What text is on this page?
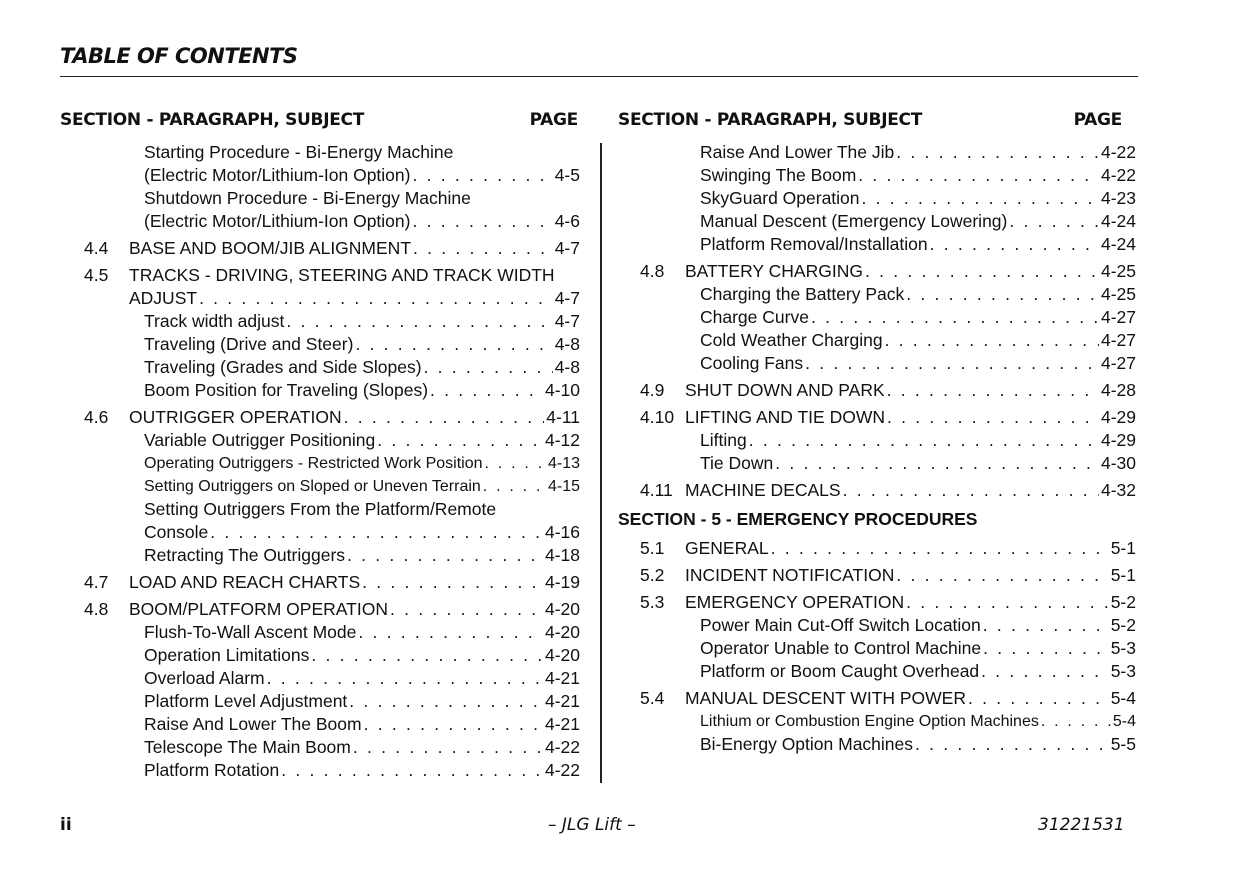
TABLE OF CONTENTS
SECTION - PARAGRAPH, SUBJECT	PAGE
Starting Procedure - Bi-Energy Machine
(Electric Motor/Lithium-Ion Option) . . .	4-5
Shutdown Procedure - Bi-Energy Machine
(Electric Motor/Lithium-Ion Option) . . .	4-6
4.4	BASE AND BOOM/JIB ALIGNMENT . . .	4-7
4.5	TRACKS - DRIVING, STEERING AND TRACK WIDTH
ADJUST . . .	4-7
Track width adjust . . .	4-7
Traveling (Drive and Steer) . . .	4-8
Traveling (Grades and Side Slopes) . . .	4-8
Boom Position for Traveling (Slopes) . . .	4-10
4.6	OUTRIGGER OPERATION . . .	4-11
Variable Outrigger Positioning . . .	4-12
Operating Outriggers - Restricted Work Position . . .	4-13
Setting Outriggers on Sloped or Uneven Terrain . . .	4-15
Setting Outriggers From the Platform/Remote
Console . . .	4-16
Retracting The Outriggers . . .	4-18
4.7	LOAD AND REACH CHARTS . . .	4-19
4.8	BOOM/PLATFORM OPERATION . . .	4-20
Flush-To-Wall Ascent Mode . . .	4-20
Operation Limitations . . .	4-20
Overload Alarm . . .	4-21
Platform Level Adjustment . . .	4-21
Raise And Lower The Boom . . .	4-21
Telescope The Main Boom . . .	4-22
Platform Rotation . . .	4-22
SECTION - PARAGRAPH, SUBJECT	PAGE
Raise And Lower The Jib . . .	4-22
Swinging The Boom . . .	4-22
SkyGuard Operation . . .	4-23
Manual Descent (Emergency Lowering) . . .	4-24
Platform Removal/Installation . . .	4-24
4.8	BATTERY CHARGING . . .	4-25
Charging the Battery Pack . . .	4-25
Charge Curve . . .	4-27
Cold Weather Charging . . .	4-27
Cooling Fans . . .	4-27
4.9	SHUT DOWN AND PARK . . .	4-28
4.10 LIFTING AND TIE DOWN . . .	4-29
Lifting . . .	4-29
Tie Down . . .	4-30
4.11 MACHINE DECALS . . .	4-32
SECTION - 5 - EMERGENCY PROCEDURES
5.1	GENERAL . . .	5-1
5.2	INCIDENT NOTIFICATION . . .	5-1
5.3	EMERGENCY OPERATION . . .	5-2
Power Main Cut-Off Switch Location . . .	5-2
Operator Unable to Control Machine . . .	5-3
Platform or Boom Caught Overhead . . .	5-3
5.4	MANUAL DESCENT WITH POWER . . .	5-4
Lithium or Combustion Engine Option Machines . . .	5-4
Bi-Energy Option Machines . . .	5-5
ii	– JLG Lift –	31221531
